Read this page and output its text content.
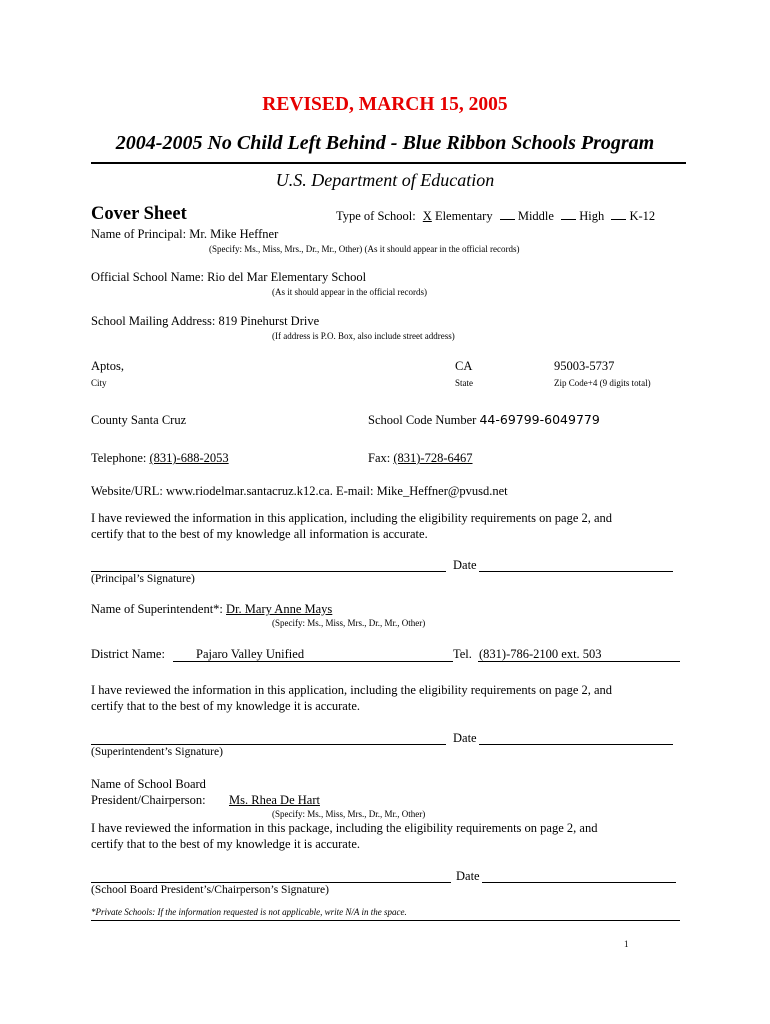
REVISED, MARCH 15, 2005
2004-2005 No Child Left Behind - Blue Ribbon Schools Program
U.S. Department of Education
Cover Sheet	Type of School: X Elementary Middle High K-12
Name of Principal: Mr. Mike Heffner
(Specify: Ms., Miss, Mrs., Dr., Mr., Other) (As it should appear in the official records)
Official School Name: Rio del Mar Elementary School
(As it should appear in the official records)
School Mailing Address: 819 Pinehurst Drive
(If address is P.O. Box, also include street address)
Aptos,	CA	95003-5737
City	State	Zip Code+4 (9 digits total)
County Santa Cruz	School Code Number 44-69799-6049779
Telephone: (831)-688-2053	Fax: (831)-728-6467
Website/URL: www.riodelmar.santacruz.k12.ca. E-mail: Mike_Heffner@pvusd.net
I have reviewed the information in this application, including the eligibility requirements on page 2, and
certify that to the best of my knowledge all information is accurate.
Date
(Principal’s Signature)
Name of Superintendent*: Dr. Mary Anne Mays
(Specify: Ms., Miss, Mrs., Dr., Mr., Other)
District Name: Pajaro Valley Unified	Tel. (831)-786-2100 ext. 503
I have reviewed the information in this application, including the eligibility requirements on page 2, and
certify that to the best of my knowledge it is accurate.
Date
(Superintendent’s Signature)
Name of School Board
President/Chairperson: Ms. Rhea De Hart
(Specify: Ms., Miss, Mrs., Dr., Mr., Other)
I have reviewed the information in this package, including the eligibility requirements on page 2, and
certify that to the best of my knowledge it is accurate.
Date
(School Board President’s/Chairperson’s Signature)
*Private Schools: If the information requested is not applicable, write N/A in the space.
1
